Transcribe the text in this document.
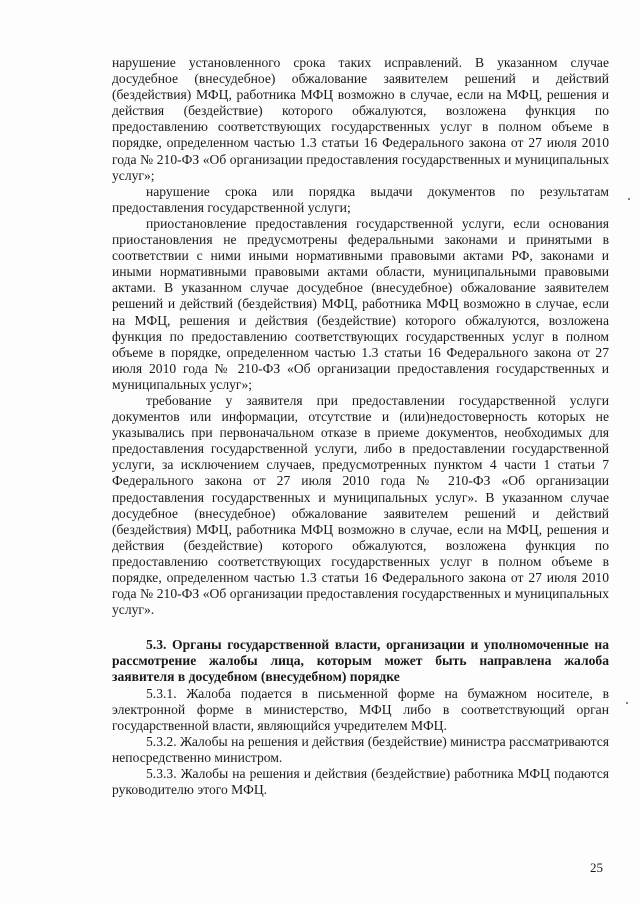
нарушение установленного срока таких исправлений. В указанном случае досудебное (внесудебное) обжалование заявителем решений и действий (бездействия) МФЦ, работника МФЦ возможно в случае, если на МФЦ, решения и действия (бездействие) которого обжалуются, возложена функция по предоставлению соответствующих государственных услуг в полном объеме в порядке, определенном частью 1.3 статьи 16 Федерального закона от 27 июля 2010 года № 210-ФЗ «Об организации предоставления государственных и муниципальных услуг»;

нарушение срока или порядка выдачи документов по результатам предоставления государственной услуги;

приостановление предоставления государственной услуги, если основания приостановления не предусмотрены федеральными законами и принятыми в соответствии с ними иными нормативными правовыми актами РФ, законами и иными нормативными правовыми актами области, муниципальными правовыми актами. В указанном случае досудебное (внесудебное) обжалование заявителем решений и действий (бездействия) МФЦ, работника МФЦ возможно в случае, если на МФЦ, решения и действия (бездействие) которого обжалуются, возложена функция по предоставлению соответствующих государственных услуг в полном объеме в порядке, определенном частью 1.3 статьи 16 Федерального закона от 27 июля 2010 года № 210-ФЗ «Об организации предоставления государственных и муниципальных услуг»;

требование у заявителя при предоставлении государственной услуги документов или информации, отсутствие и (или)недостоверность которых не указывались при первоначальном отказе в приеме документов, необходимых для предоставления государственной услуги, либо в предоставлении государственной услуги, за исключением случаев, предусмотренных пунктом 4 части 1 статьи 7 Федерального закона от 27 июля 2010 года № 210-ФЗ «Об организации предоставления государственных и муниципальных услуг». В указанном случае досудебное (внесудебное) обжалование заявителем решений и действий (бездействия) МФЦ, работника МФЦ возможно в случае, если на МФЦ, решения и действия (бездействие) которого обжалуются, возложена функция по предоставлению соответствующих государственных услуг в полном объеме в порядке, определенном частью 1.3 статьи 16 Федерального закона от 27 июля 2010 года № 210-ФЗ «Об организации предоставления государственных и муниципальных услуг».

5.3. Органы государственной власти, организации и уполномоченные на рассмотрение жалобы лица, которым может быть направлена жалоба заявителя в досудебном (внесудебном) порядке

5.3.1. Жалоба подается в письменной форме на бумажном носителе, в электронной форме в министерство, МФЦ либо в соответствующий орган государственной власти, являющийся учредителем МФЦ.

5.3.2. Жалобы на решения и действия (бездействие) министра рассматриваются непосредственно министром.

5.3.3. Жалобы на решения и действия (бездействие) работника МФЦ подаются руководителю этого МФЦ.

25
